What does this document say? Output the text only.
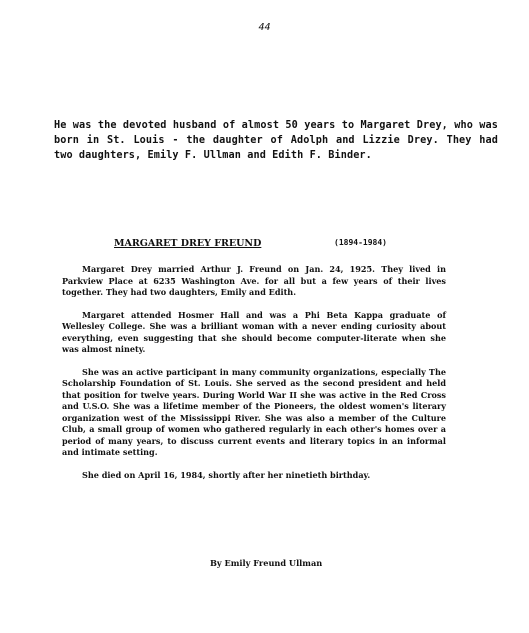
44
He was the devoted husband of almost 50 years to Margaret Drey, who was born in St. Louis - the daughter of Adolph and Lizzie Drey. They had two daughters, Emily F. Ullman and Edith F. Binder.
MARGARET DREY FREUND	(1894-1984)

Margaret Drey married Arthur J. Freund on Jan. 24, 1925. They lived in Parkview Place at 6235 Washington Ave. for all but a few years of their lives together. They had two daughters, Emily and Edith.

Margaret attended Hosmer Hall and was a Phi Beta Kappa graduate of Wellesley College. She was a brilliant woman with a never ending curiosity about everything, even suggesting that she should become computer-literate when she was almost ninety.

She was an active participant in many community organizations, especially The Scholarship Foundation of St. Louis. She served as the second president and held that position for twelve years. During World War II she was active in the Red Cross and U.S.O. She was a lifetime member of the Pioneers, the oldest women's literary organization west of the Mississippi River. She was also a member of the Culture Club, a small group of women who gathered regularly in each other's homes over a period of many years, to discuss current events and literary topics in an informal and intimate setting.

She died on April 16, 1984, shortly after her ninetieth birthday.

By Emily Freund Ullman
